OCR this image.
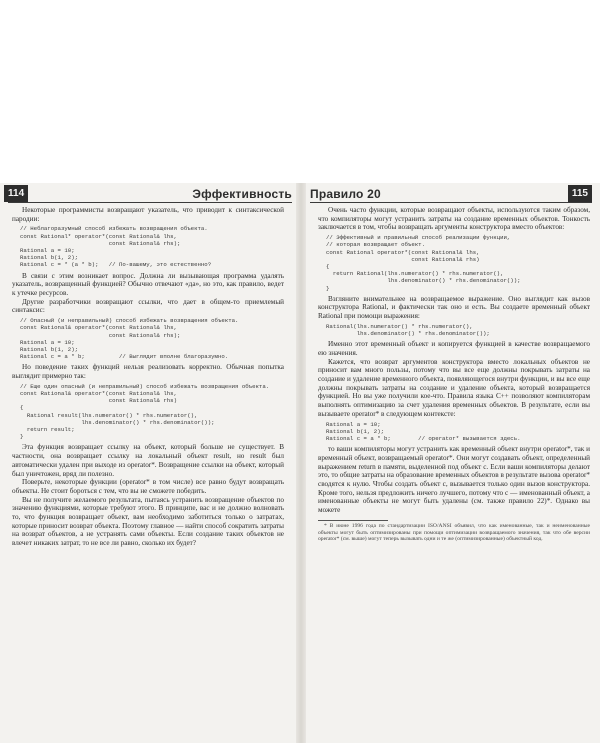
114	Эффективность

Некоторые программисты возвращают указатель, что приводит к синтаксической пародии:

// Неблагоразумный способ избежать возвращения объекта.
const Rational* operator*(const Rational& lhs,
const Rational& rhs);
Rational a = 10;
Rational b(1, 2);
Rational c = * (a * b);   // По-вашему, это естественно?

В связи с этим возникает вопрос. Должна ли вызывающая программа удалять указатель, возвращенный функцией? Обычно отвечают «да», но это, как правило, ведет к утечке ресурсов.

Другие разработчики возвращают ссылки, что дает в общем-то приемлемый синтаксис:

// Опасный (и неправильный) способ избежать возвращения объекта.
const Rational& operator*(const Rational& lhs,
const Rational& rhs);
Rational a = 10;
Rational b(1, 2);
Rational c = a * b;          // Выглядит вполне благоразумно.

Но поведение таких функций нельзя реализовать корректно. Обычная попытка выглядит примерно так:

// Еще один опасный (и неправильный) способ избежать возвращения объекта.
const Rational& operator*(const Rational& lhs,
const Rational& rhs)
{
Rational result(lhs.numerator() * rhs.numerator(),
lhs.denominator() * rhs.denominator());
return result;
}

Эта функция возвращает ссылку на объект, который больше не существует. В частности, она возвращает ссылку на локальный объект result, но result был автоматически удален при выходе из operator*. Возвращение ссылки на объект, который был уничтожен, вряд ли полезно.

Поверьте, некоторые функции (operator* в том числе) все равно будут возвращать объекты. Не стоит бороться с тем, что вы не сможете победить.

Вы не получите желаемого результата, пытаясь устранить возвращение объектов по значению функциями, которые требуют этого. В принципе, вас и не должно волновать то, что функция возвращает объект, вам необходимо заботиться только о затратах, которые приносит возврат объекта. Поэтому главное — найти способ сократить затраты на возврат объектов, а не устранять сами объекты. Если создание таких объектов не влечет никаких затрат, то не все ли равно, сколько их будет?

Правило 20	115

Очень часто функции, которые возвращают объекты, используются таким образом, что компиляторы могут устранить затраты на создание временных объектов. Тонкость заключается в том, чтобы возвращать аргументы конструктора вместо объектов:

// Эффективный и правильный способ реализации функции,
// которая возвращает объект.
const Rational operator*(const Rational& lhs,
const Rational& rhs)
{
return Rational(lhs.numerator() * rhs.numerator(),
lhs.denominator() * rhs.denominator());
}

Взгляните внимательнее на возвращаемое выражение. Оно выглядит как вызов конструктора Rational, и фактически так оно и есть. Вы создаете временный объект Rational при помощи выражения:

Rational(lhs.numerator() * rhs.numerator(),
lhs.denominator() * rhs.denominator());

Именно этот временный объект и копируется функцией в качестве возвращаемого ею значения.

Кажется, что возврат аргументов конструктора вместо локальных объектов не приносит вам много пользы, потому что вы все еще должны покрывать затраты на создание и удаление временного объекта, появляющегося внутри функции, и вы все еще должны покрывать затраты на создание и удаление объекта, который возвращается функцией. Но вы уже получили кое-что. Правила языка C++ позволяют компиляторам выполнять оптимизацию за счет удаления временных объектов. В результате, если вы вызываете operator* в следующем контексте:

Rational a = 10;
Rational b(1, 2);
Rational c = a * b;        // operator* вызывается здесь.

то ваши компиляторы могут устранить как временный объект внутри operator*, так и временный объект, возвращаемый operator*. Они могут создавать объект, определенный выражением return в памяти, выделенной под объект c. Если ваши компиляторы делают это, то общие затраты на образование временных объектов в результате вызова operator* сводятся к нулю. Чтобы создать объект c, вызывается только один вызов конструктора. Кроме того, нельзя предложить ничего лучшего, потому что c — именованный объект, а именованные объекты не могут быть удалены (см. также правило 22)*. Однако вы можете

* В июне 1996 года по стандартизации ISO/ANSI объявил, что как именованные, так и неименованные объекты могут быть оптимизированы при помощи оптимизации возвращаемого значения, так что обе версии operator* (см. выше) могут теперь вызывать одни и те же (оптимизированные) объектный код.
